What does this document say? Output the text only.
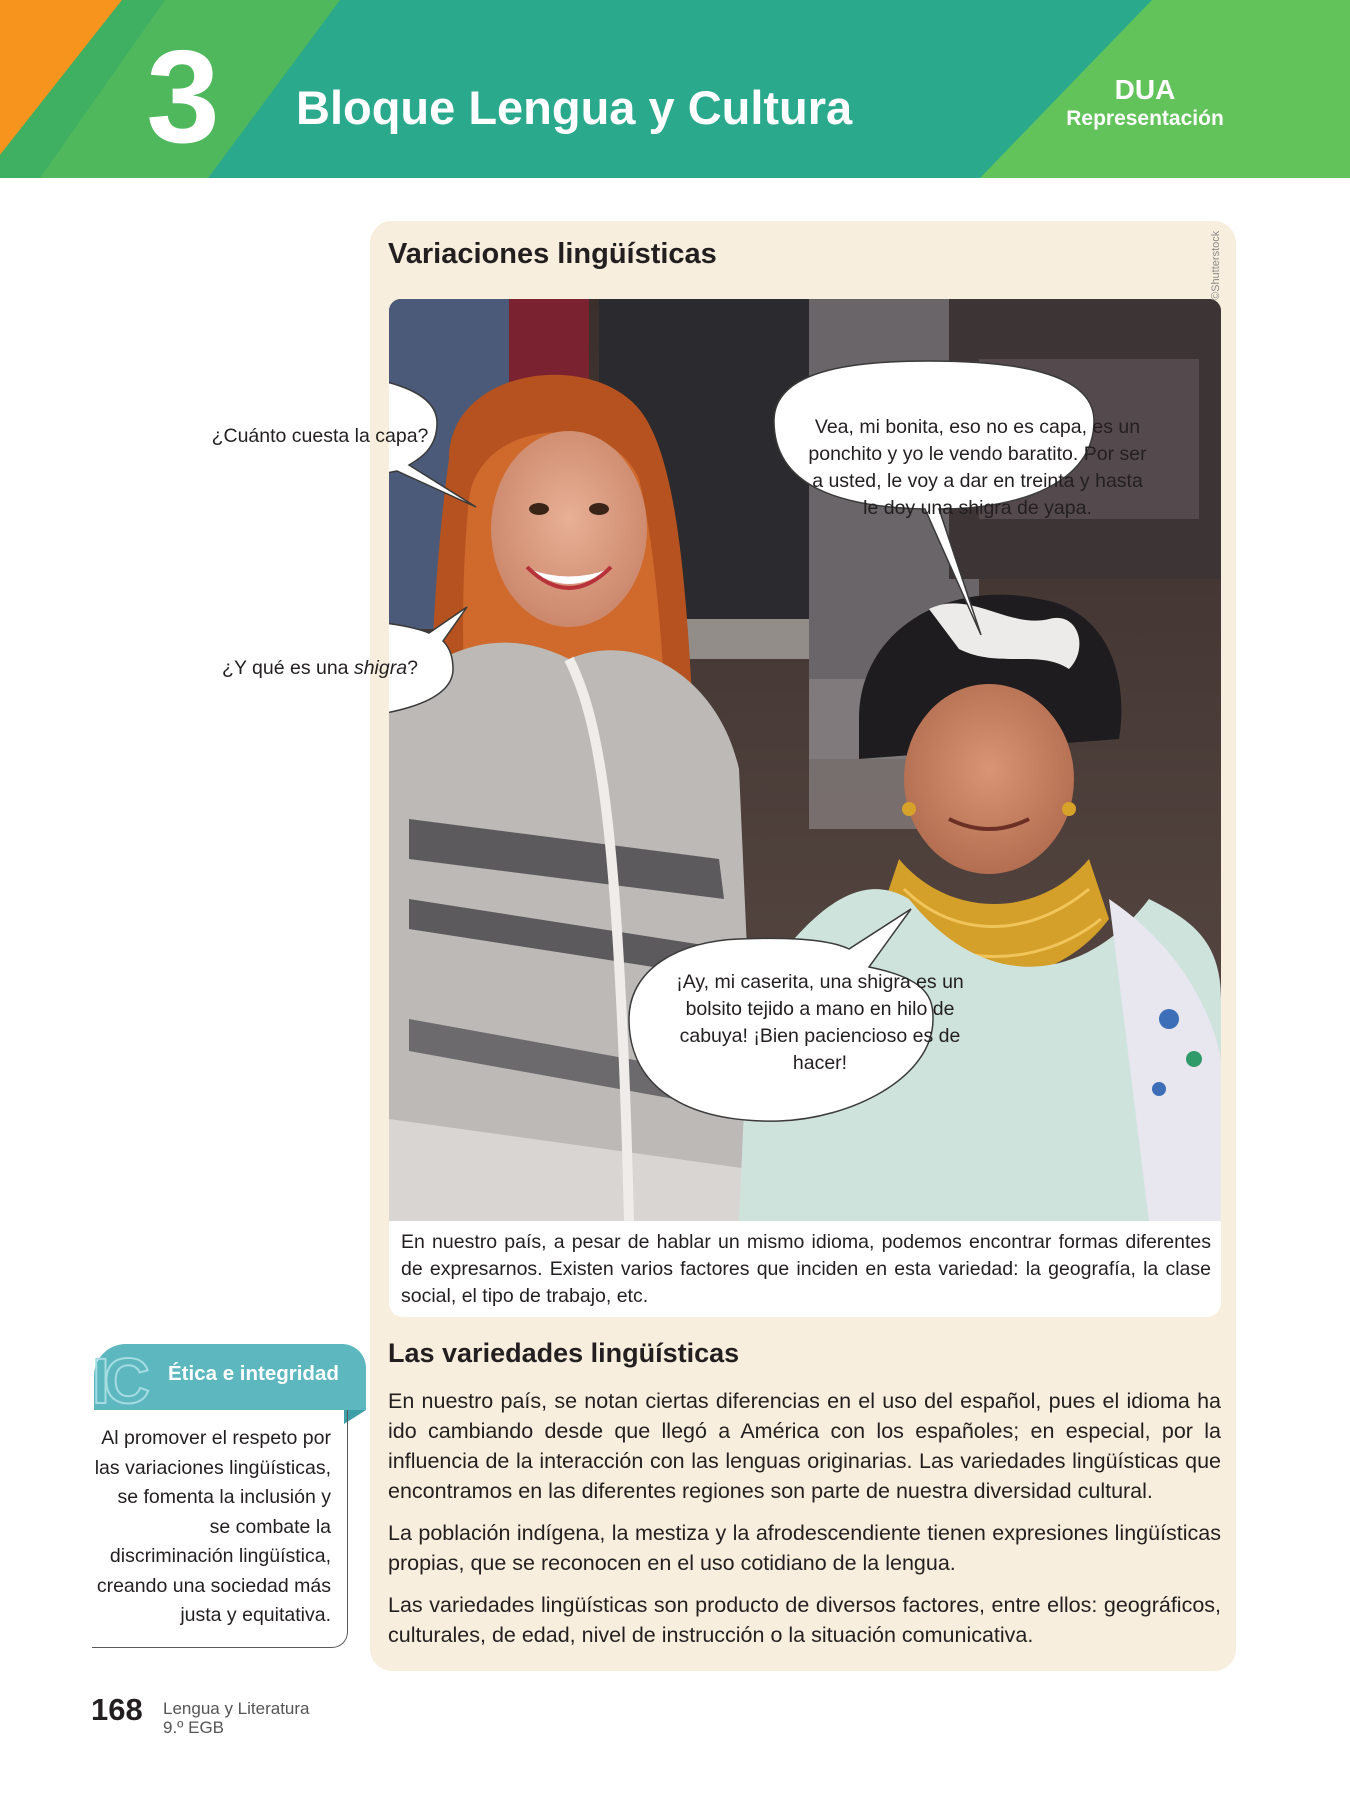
3	Bloque Lengua y Cultura	DUA
Representación
Variaciones lingüísticas	©Shutterstock
¿Cuánto cuesta la capa?	Vea, mi bonita, eso no es capa, es un ponchito y yo le vendo baratito. Por ser a usted, le voy a dar en treinta y hasta le doy una shigra de yapa.
¿Y qué es una shigra?
¡Ay, mi caserita, una shigra es un bolsito tejido a mano en hilo de cabuya! ¡Bien paciencioso es de hacer!
En nuestro país, a pesar de hablar un mismo idioma, podemos encontrar formas diferentes de expresarnos. Existen varios factores que inciden en esta variedad: la geografía, la clase social, el tipo de trabajo, etc.
Las variedades lingüísticas

En nuestro país, se notan ciertas diferencias en el uso del español, pues el idioma ha ido cambiando desde que llegó a América con los españoles; en especial, por la influencia de la interacción con las lenguas originarias. Las variedades lingüísticas que encontramos en las diferentes regiones son parte de nuestra diversidad cultural.

La población indígena, la mestiza y la afrodescendiente tienen expresiones lingüísticas propias, que se reconocen en el uso cotidiano de la lengua.

Las variedades lingüísticas son producto de diversos factores, entre ellos: geográficos, culturales, de edad, nivel de instrucción o la situación comunicativa.

IC Ética e integridad
Al promover el respeto por las variaciones lingüísticas, se fomenta la inclusión y se combate la discriminación lingüística, creando una sociedad más justa y equitativa.
168 Lengua y Literatura
9.º EGB
